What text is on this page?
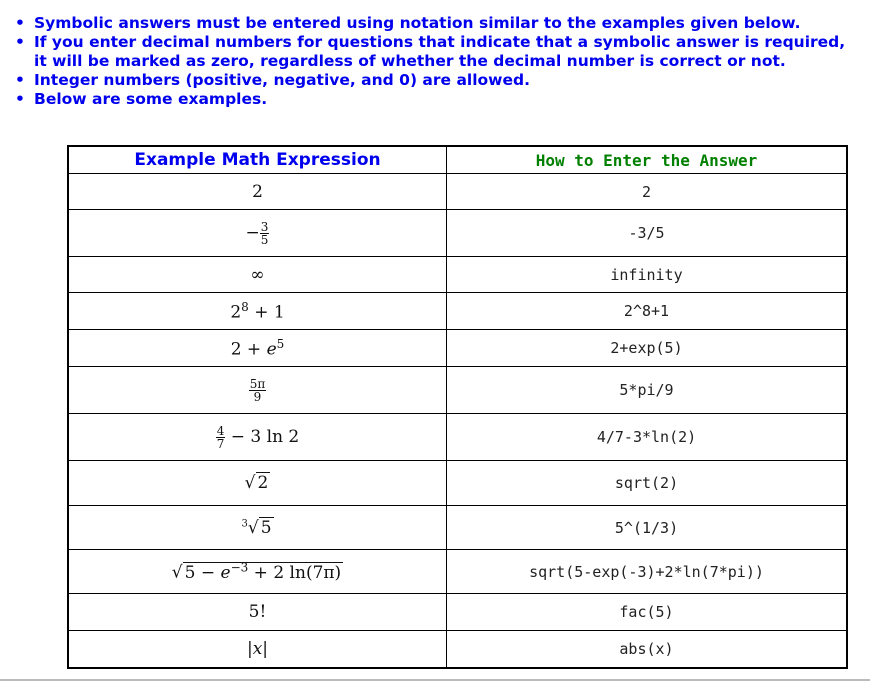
• Symbolic answers must be entered using notation similar to the examples given below.
• If you enter decimal numbers for questions that indicate that a symbolic answer is required, it will be marked as zero, regardless of whether the decimal number is correct or not.
• Integer numbers (positive, negative, and 0) are allowed.
• Below are some examples.
Example Math Expression	How to Enter the Answer
2	2
− $\frac{3}{5}$	-3/5
∞	infinity
$2^8 + 1$	2^8+1
$2 + e^5$	2+exp(5)

$\frac{5\pi}{9}$	5*pi/9

$\frac{4}{7} - 3$ ln 2	4/7-3*ln(2)
√ 2	sqrt(2)
$^3$√ 5	5^(1/3)
√ $5 - e^{-3} + 2$ ln(7π)	sqrt(5-exp(-3)+2*ln(7*pi))
5!	fac(5)
|x|	abs(x)
